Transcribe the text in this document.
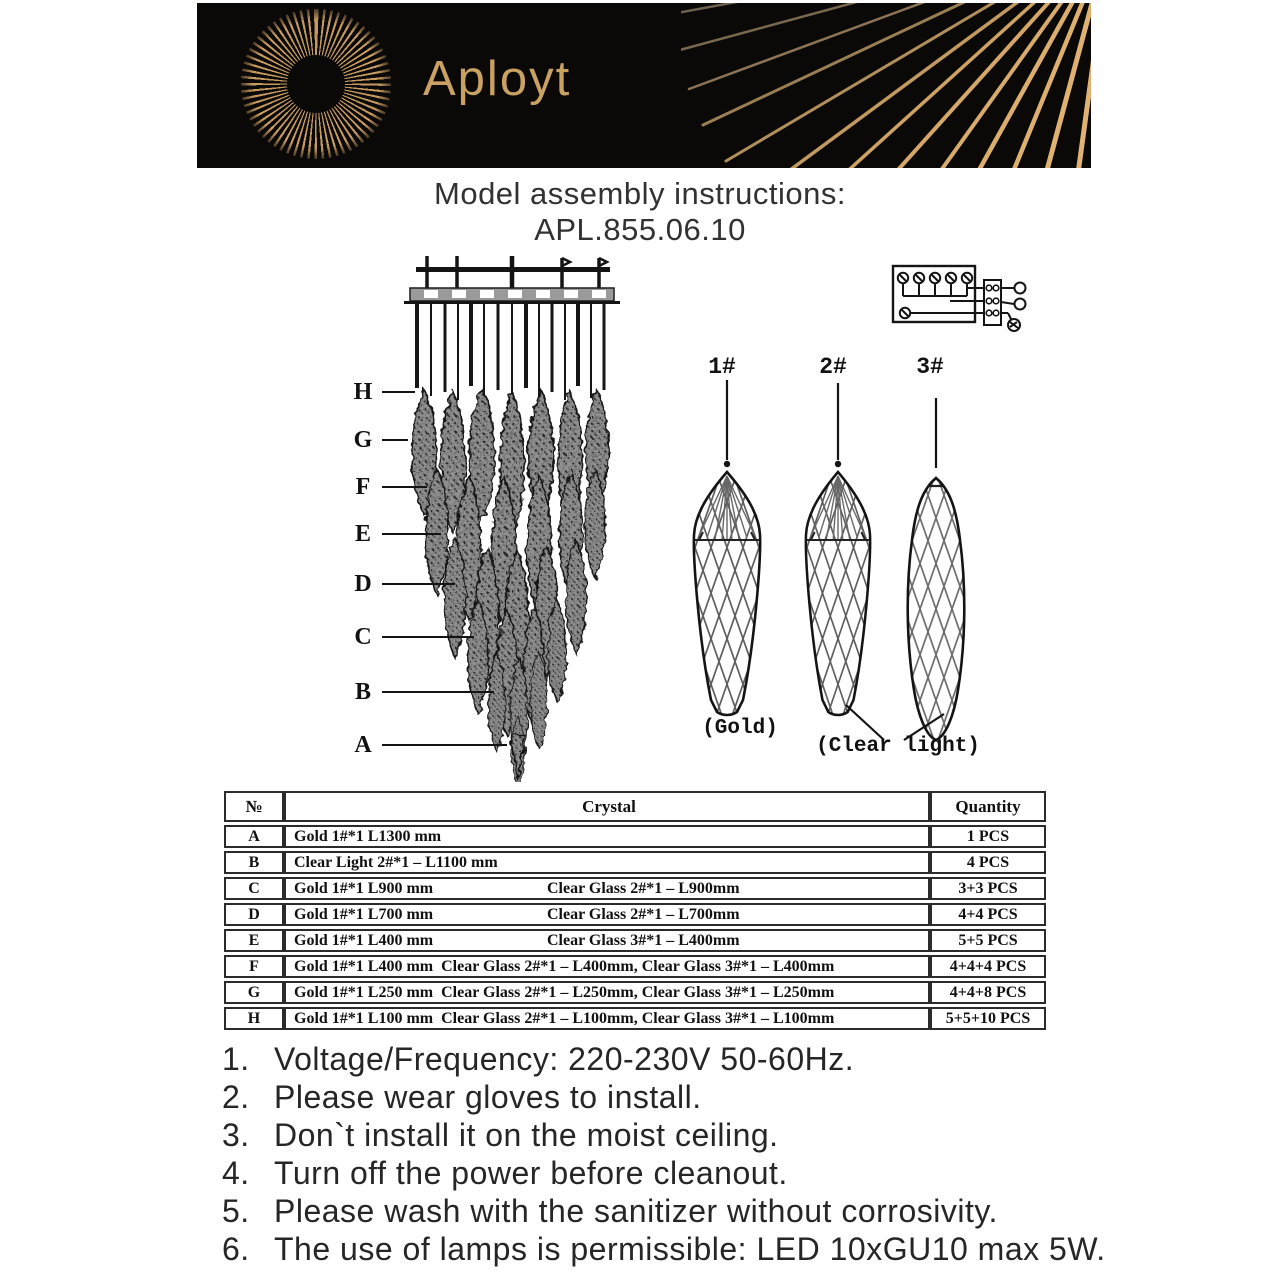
Aployt
Model assembly instructions:
APL.855.06.10
H
G
F
E
D
C
B
A
1#	2#	3#
(Gold)
(Clear light)
№	Crystal	Quantity
A	Gold 1#*1 L1300 mm	1 PCS
B	Clear Light 2#*1 – L1100 mm	4 PCS
C	Gold 1#*1 L900 mm Clear Glass 2#*1 – L900mm	3+3 PCS
D	Gold 1#*1 L700 mm Clear Glass 2#*1 – L700mm	4+4 PCS
E	Gold 1#*1 L400 mm Clear Glass 3#*1 – L400mm	5+5 PCS
F	Gold 1#*1 L400 mm  Clear Glass 2#*1 – L400mm, Clear Glass 3#*1 – L400mm	4+4+4 PCS
G	Gold 1#*1 L250 mm  Clear Glass 2#*1 – L250mm, Clear Glass 3#*1 – L250mm	4+4+8 PCS
H	Gold 1#*1 L100 mm  Clear Glass 2#*1 – L100mm, Clear Glass 3#*1 – L100mm	5+5+10 PCS
1. Voltage/Frequency: 220-230V 50-60Hz.
2. Please wear gloves to install.
3. Don`t install it on the moist ceiling.
4. Turn off the power before cleanout.
5. Please wash with the sanitizer without corrosivity.
6. The use of lamps is permissible: LED 10xGU10 max 5W.
